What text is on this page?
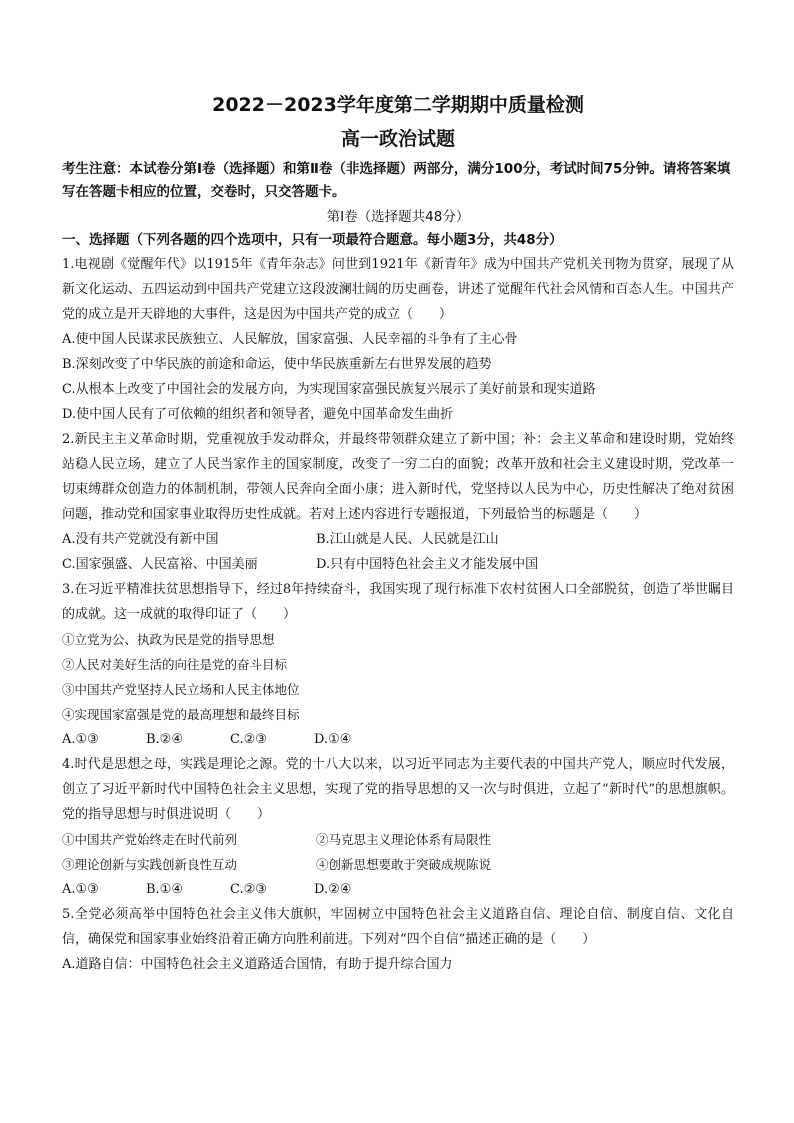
2022－2023学年度第二学期期中质量检测

高一政治试题

考生注意：本试卷分第Ⅰ卷（选择题）和第Ⅱ卷（非选择题）两部分，满分100分，考试时间75分钟。请将答案填写在答题卡相应的位置，交卷时，只交答题卡。

第Ⅰ卷（选择题共48分）

一、选择题（下列各题的四个选项中，只有一项最符合题意。每小题3分，共48分）

1.电视剧《觉醒年代》以1915年《青年杂志》问世到1921年《新青年》成为中国共产党机关刊物为贯穿，展现了从新文化运动、五四运动到中国共产党建立这段波澜壮阔的历史画卷，讲述了觉醒年代社会风情和百态人生。中国共产党的成立是开天辟地的大事件，这是因为中国共产党的成立（　　）

A.使中国人民谋求民族独立、人民解放，国家富强、人民幸福的斗争有了主心骨

B.深刻改变了中华民族的前途和命运，使中华民族重新左右世界发展的趋势

C.从根本上改变了中国社会的发展方向，为实现国家富强民族复兴展示了美好前景和现实道路

D.使中国人民有了可依赖的组织者和领导者，避免中国革命发生曲折

2.新民主主义革命时期，党重视放手发动群众，并最终带领群众建立了新中国；补：会主义革命和建设时期，党始终站稳人民立场，建立了人民当家作主的国家制度，改变了一穷二白的面貌；改革开放和社会主义建设时期，党改革一切束缚群众创造力的体制机制，带领人民奔向全面小康；进入新时代，党坚持以人民为中心，历史性解决了绝对贫困问题，推动党和国家事业取得历史性成就。若对上述内容进行专题报道，下列最恰当的标题是（　　）

A.没有共产党就没有新中国	B.江山就是人民、人民就是江山
C.国家强盛、人民富裕、中国美丽	D.只有中国特色社会主义才能发展中国

3.在习近平精准扶贫思想指导下，经过8年持续奋斗，我国实现了现行标准下农村贫困人口全部脱贫，创造了举世瞩目的成就。这一成就的取得印证了（　　）

①立党为公、执政为民是党的指导思想

②人民对美好生活的向往是党的奋斗目标

③中国共产党坚持人民立场和人民主体地位

④实现国家富强是党的最高理想和最终目标

A.①③	B.②④	C.②③	D.①④

4.时代是思想之母，实践是理论之源。党的十八大以来，以习近平同志为主要代表的中国共产党人，顺应时代发展，创立了习近平新时代中国特色社会主义思想，实现了党的指导思想的又一次与时俱进，立起了“新时代”的思想旗帜。党的指导思想与时俱进说明（　　）

①中国共产党始终走在时代前列	②马克思主义理论体系有局限性
③理论创新与实践创新良性互动	④创新思想要敢于突破成规陈说
A.①③	B.①④	C.②③	D.②④

5.全党必须高举中国特色社会主义伟大旗帜，牢固树立中国特色社会主义道路自信、理论自信、制度自信、文化自信，确保党和国家事业始终沿着正确方向胜利前进。下列对“四个自信”描述正确的是（　　）

A.道路自信：中国特色社会主义道路适合国情，有助于提升综合国力
